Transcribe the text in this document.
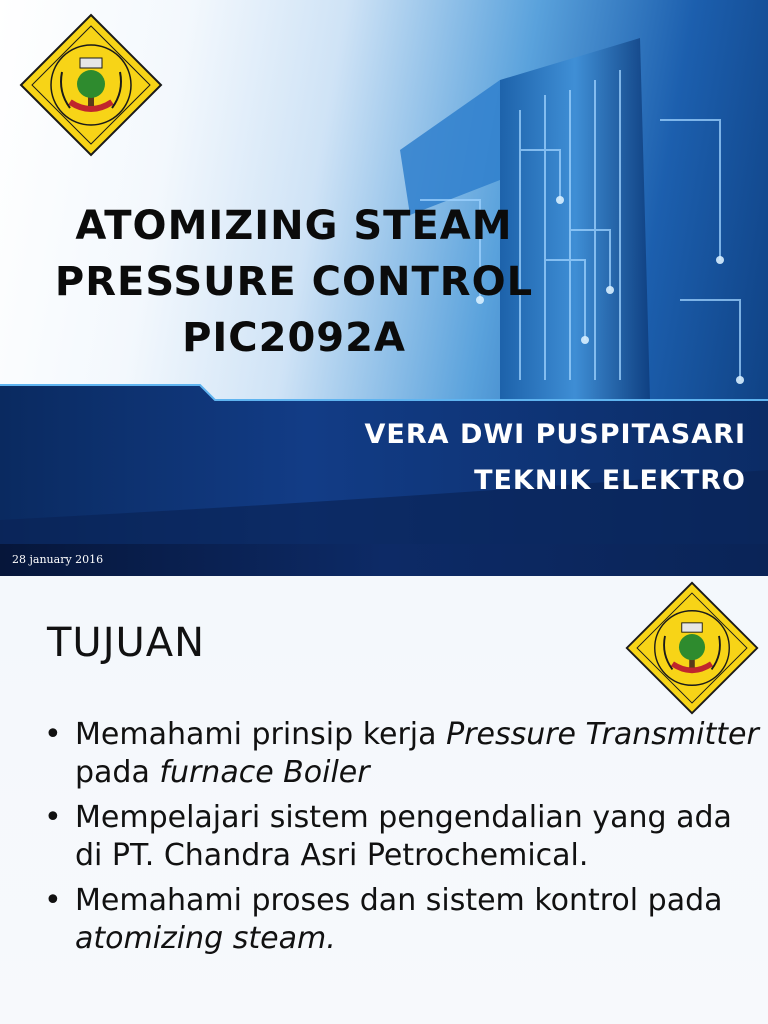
ATOMIZING STEAM
PRESSURE CONTROL
PIC2092A
VERA DWI PUSPITASARI
TEKNIK ELEKTRO
28 january 2016
TUJUAN
• Memahami prinsip kerja Pressure Transmitter pada furnace Boiler
• Mempelajari sistem pengendalian yang ada di PT. Chandra Asri Petrochemical.
• Memahami proses dan sistem kontrol pada atomizing steam.
